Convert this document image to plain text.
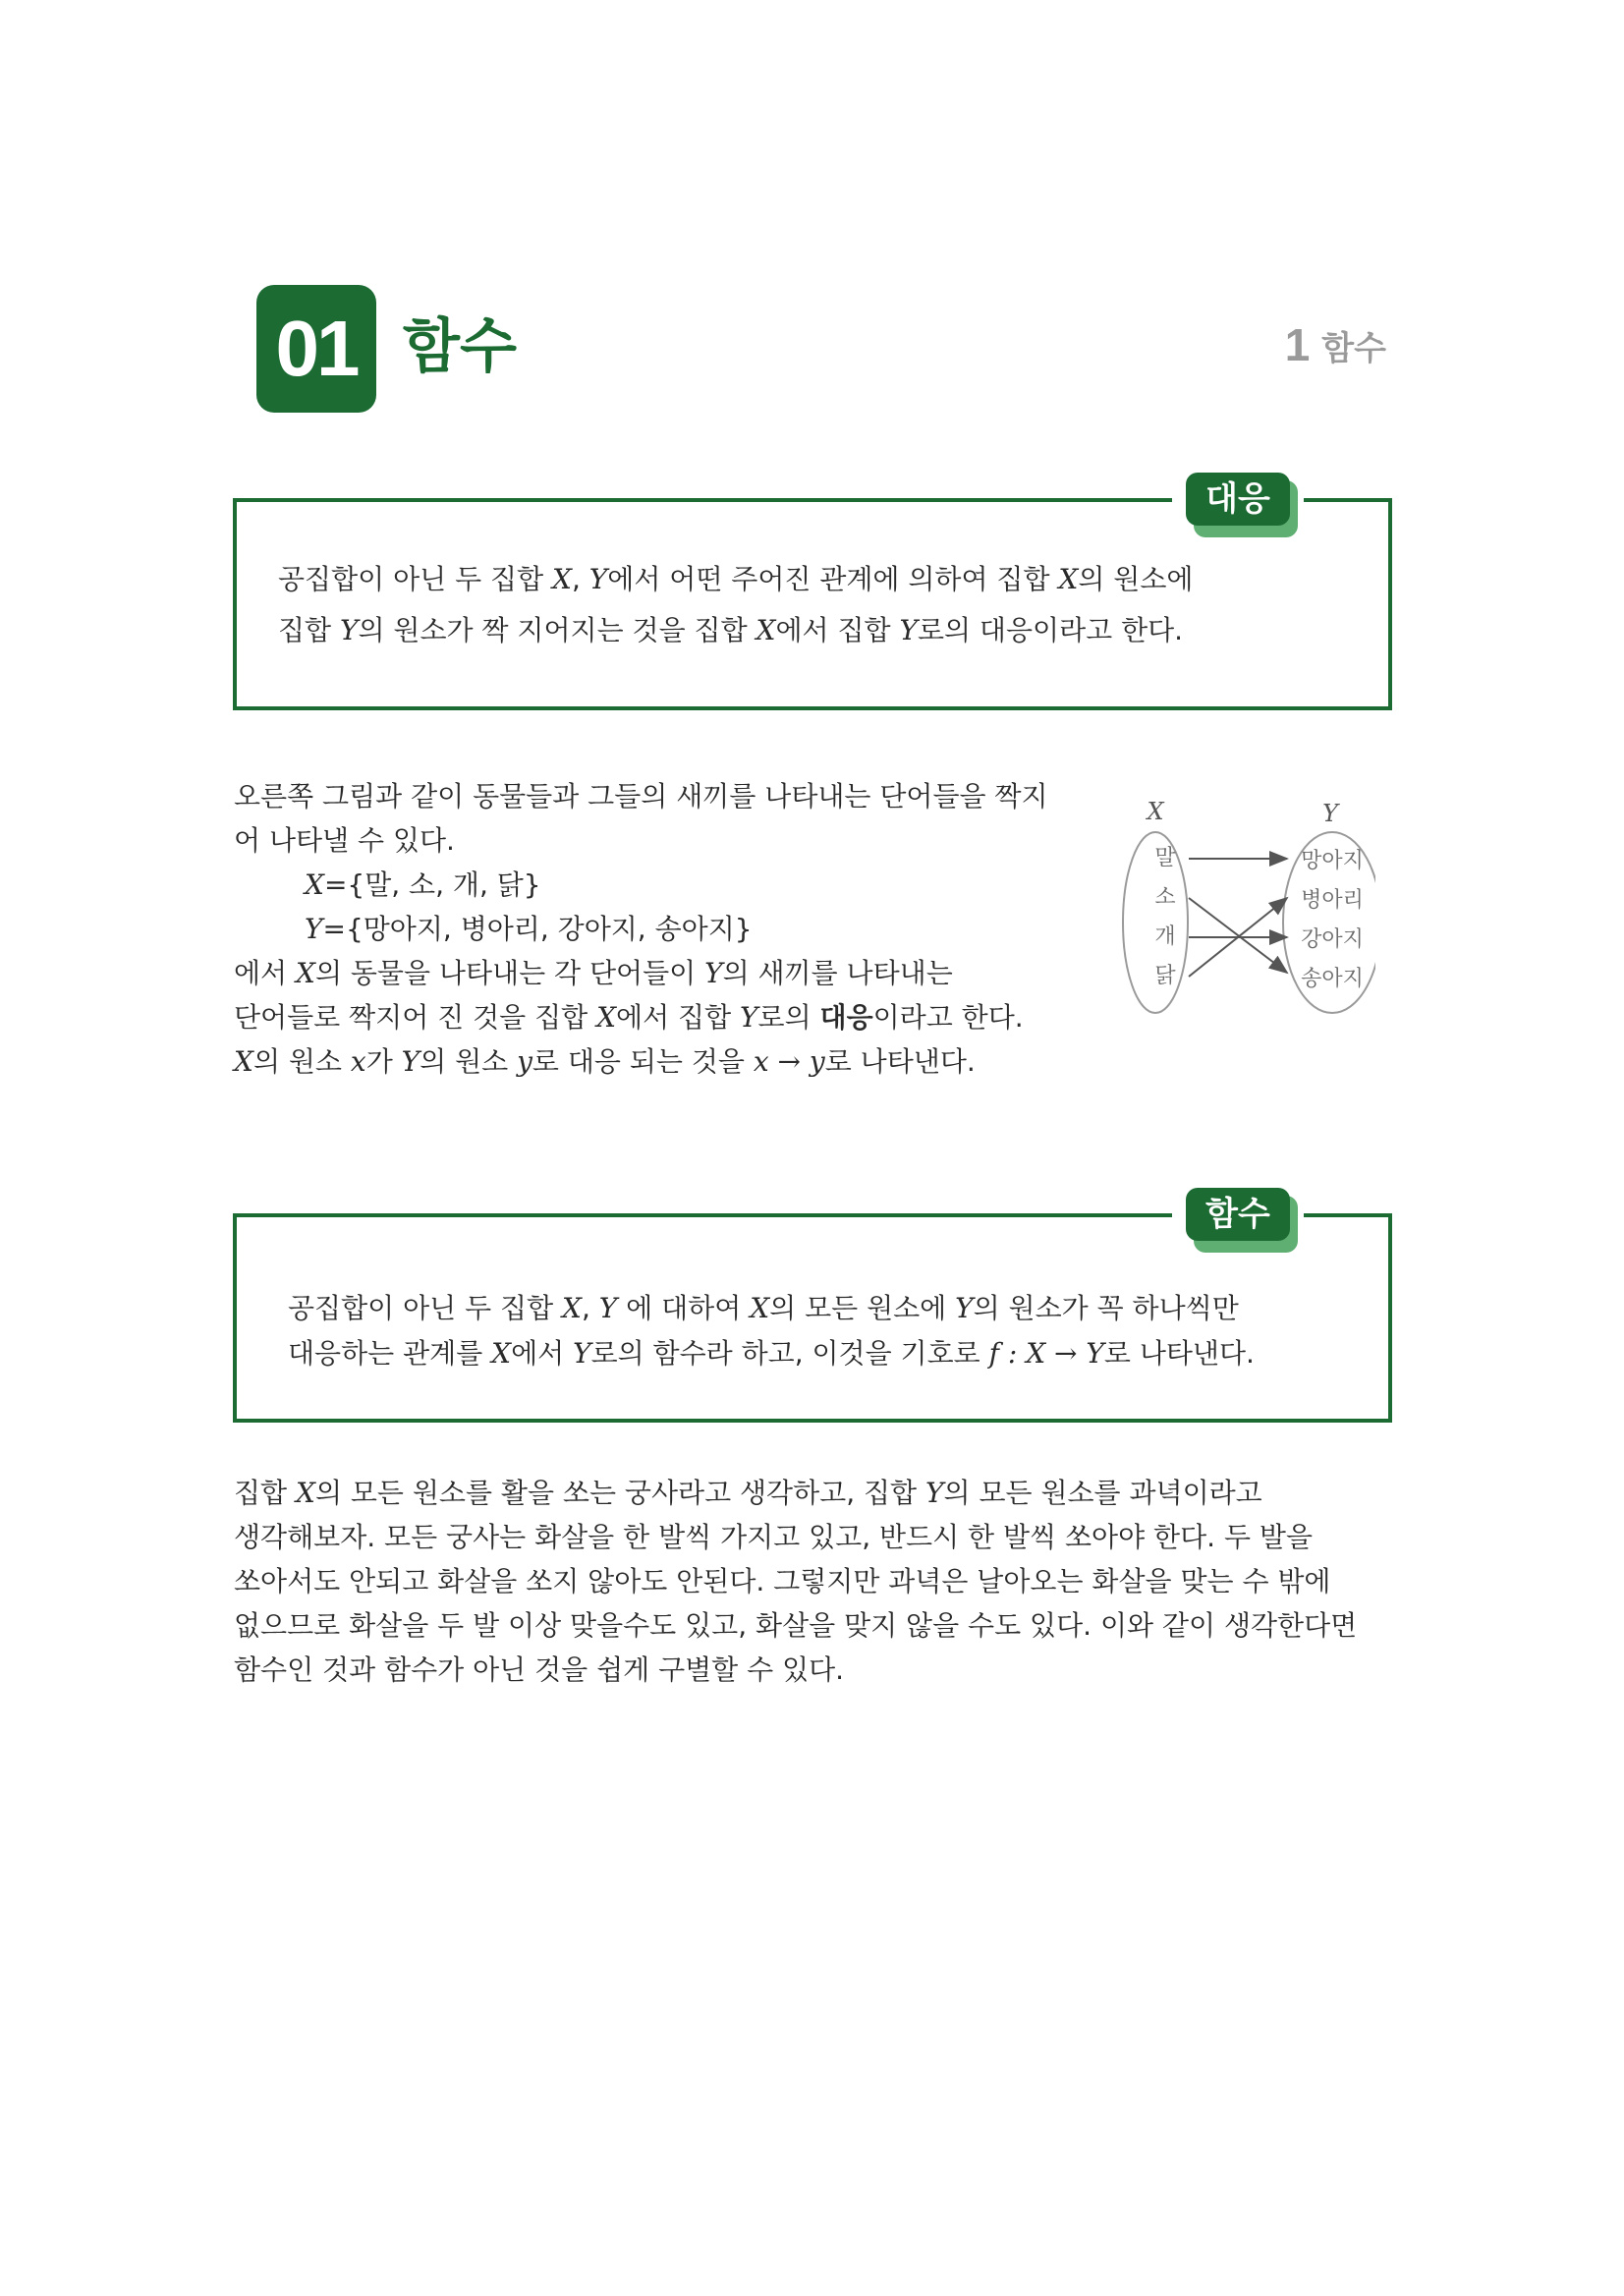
01 함수	1 함수
대응
공집합이 아닌 두 집합 X, Y에서 어떤 주어진 관계에 의하여 집합 X의 원소에
집합 Y의 원소가 짝 지어지는 것을 집합 X에서 집합 Y로의 대응이라고 한다.
오른쪽 그림과 같이 동물들과 그들의 새끼를 나타내는 단어들을 짝지
어 나타낼 수 있다.
X={말, 소, 개, 닭}
Y={망아지, 병아리, 강아지, 송아지}
에서 X의 동물을 나타내는 각 단어들이 Y의 새끼를 나타내는
단어들로 짝지어 진 것을 집합 X에서 집합 Y로의 대응이라고 한다.
X의 원소 x가 Y의 원소 y로 대응 되는 것을 x → y로 나타낸다.
X	Y
말
소
개
닭
망아지
병아리
강아지
송아지
함수
공집합이 아닌 두 집합 X, Y 에 대하여 X의 모든 원소에 Y의 원소가 꼭 하나씩만
대응하는 관계를 X에서 Y로의 함수라 하고, 이것을 기호로 f : X → Y로 나타낸다.
집합 X의 모든 원소를 활을 쏘는 궁사라고 생각하고, 집합 Y의 모든 원소를 과녁이라고
생각해보자. 모든 궁사는 화살을 한 발씩 가지고 있고, 반드시 한 발씩 쏘아야 한다. 두 발을
쏘아서도 안되고 화살을 쏘지 않아도 안된다. 그렇지만 과녁은 날아오는 화살을 맞는 수 밖에
없으므로 화살을 두 발 이상 맞을수도 있고, 화살을 맞지 않을 수도 있다. 이와 같이 생각한다면
함수인 것과 함수가 아닌 것을 쉽게 구별할 수 있다.
